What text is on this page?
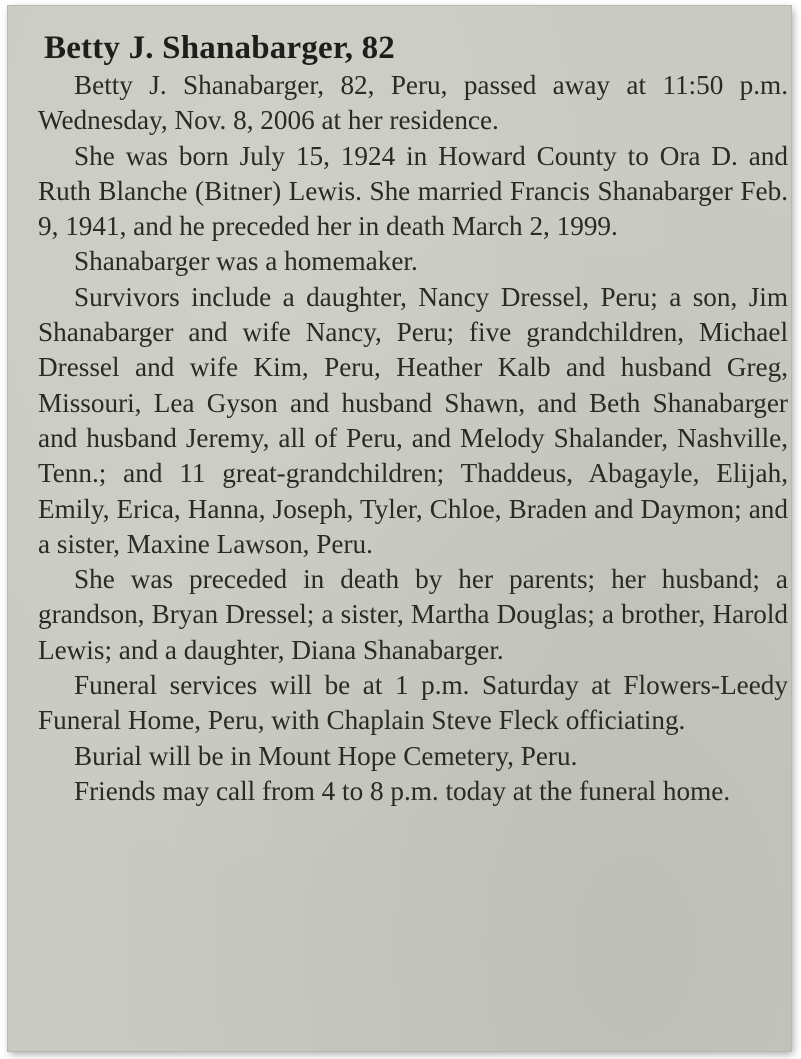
Betty J. Shanabarger, 82

Betty J. Shanabarger, 82, Peru, passed away at 11:50 p.m. Wednesday, Nov. 8, 2006 at her residence.

She was born July 15, 1924 in Howard County to Ora D. and Ruth Blanche (Bitner) Lewis. She married Francis Shanabarger Feb. 9, 1941, and he preceded her in death March 2, 1999.

Shanabarger was a homemaker.

Survivors include a daughter, Nancy Dressel, Peru; a son, Jim Shanabarger and wife Nancy, Peru; five grandchildren, Michael Dressel and wife Kim, Peru, Heather Kalb and husband Greg, Missouri, Lea Gyson and husband Shawn, and Beth Shanabarger and husband Jeremy, all of Peru, and Melody Shalander, Nashville, Tenn.; and 11 great-grandchildren; Thaddeus, Abagayle, Elijah, Emily, Erica, Hanna, Joseph, Tyler, Chloe, Braden and Daymon; and a sister, Maxine Lawson, Peru.

She was preceded in death by her parents; her husband; a grandson, Bryan Dressel; a sister, Martha Douglas; a brother, Harold Lewis; and a daughter, Diana Shanabarger.

Funeral services will be at 1 p.m. Saturday at Flowers-Leedy Funeral Home, Peru, with Chaplain Steve Fleck officiating.

Burial will be in Mount Hope Cemetery, Peru.

Friends may call from 4 to 8 p.m. today at the funeral home.
